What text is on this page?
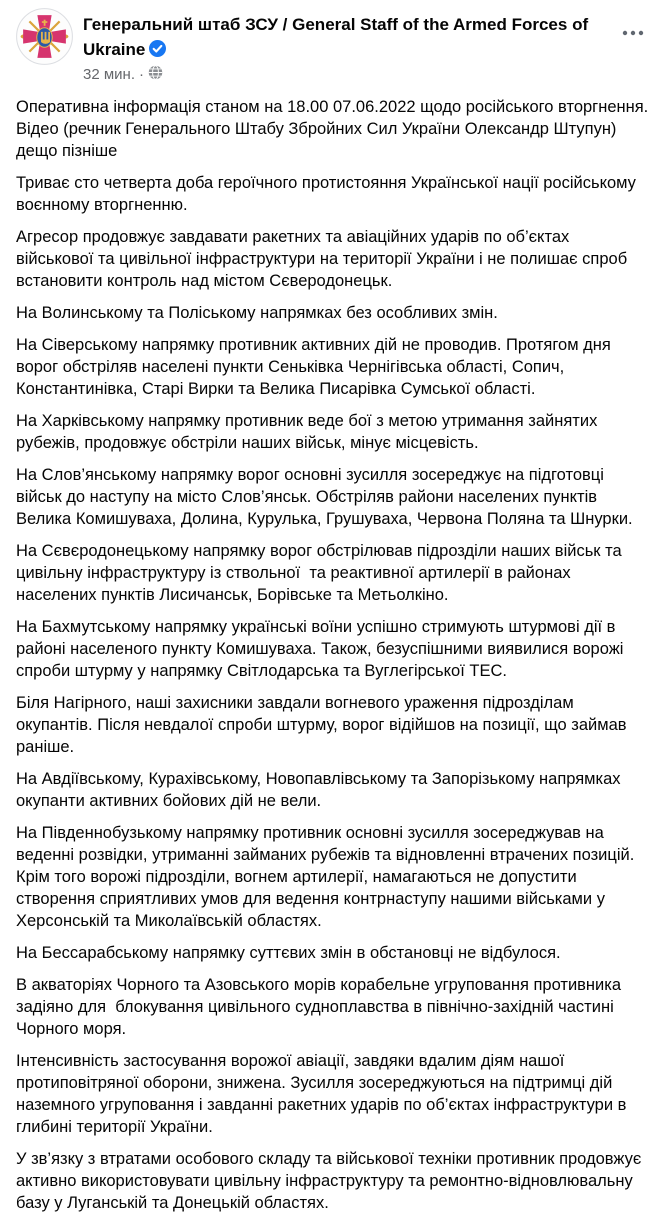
Генеральний штаб ЗСУ / General Staff of the Armed Forces of Ukraine
32 мин. ·

Оперативна інформація станом на 18.00 07.06.2022 щодо російського вторгнення.

Відео (речник Генерального Штабу Збройних Сил України Олександр Штупун) дещо пізніше

Триває сто четверта доба героїчного протистояння Української нації російському воєнному вторгненню.

Агресор продовжує завдавати ракетних та авіаційних ударів по об’єктах військової та цивільної інфраструктури на території України і не полишає спроб встановити контроль над містом Сєверодонецьк.

На Волинському та Поліському напрямках без особливих змін.

На Сіверському напрямку противник активних дій не проводив. Протягом дня ворог обстріляв населені пункти Сеньківка Чернігівська області, Сопич, Константинівка, Старі Вирки та Велика Писарівка Сумської області.

На Харківському напрямку противник веде бої з метою утримання зайнятих рубежів, продовжує обстріли наших військ, мінує місцевість.

На Слов’янському напрямку ворог основні зусилля зосереджує на підготовці військ до наступу на місто Слов’янськ. Обстріляв райони населених пунктів Велика Комишуваха, Долина, Курулька, Грушуваха, Червона Поляна та Шнурки.

На Сєвєродонецькому напрямку ворог обстрілював підрозділи наших військ та цивільну інфраструктуру із ствольної  та реактивної артилерії в районах населених пунктів Лисичанськ, Борівське та Метьолкіно.

На Бахмутському напрямку українські воїни успішно стримують штурмові дії в районі населеного пункту Комишуваха. Також, безуспішними виявилися ворожі спроби штурму у напрямку Світлодарська та Вуглегірської ТЕС.

Біля Нагірного, наші захисники завдали вогневого ураження підрозділам окупантів. Після невдалої спроби штурму, ворог відійшов на позиції, що займав раніше.

На Авдіївському, Курахівському, Новопавлівському та Запорізькому напрямках окупанти активних бойових дій не вели.

На Південнобузькому напрямку противник основні зусилля зосереджував на веденні розвідки, утриманні займаних рубежів та відновленні втрачених позицій. Крім того ворожі підрозділи, вогнем артилерії, намагаються не допустити створення сприятливих умов для ведення контрнаступу нашими військами у Херсонській та Миколаївській областях.

На Бессарабському напрямку суттєвих змін в обстановці не відбулося.

В акваторіях Чорного та Азовського морів корабельне угруповання противника задіяно для  блокування цивільного судноплавства в північно-західній частині Чорного моря.

Інтенсивність застосування ворожої авіації, завдяки вдалим діям нашої протиповітряної оборони, знижена. Зусилля зосереджуються на підтримці дій наземного угруповання і завданні ракетних ударів по об’єктах інфраструктури в глибині території України.

У зв’язку з втратами особового складу та військової техніки противник продовжує активно використовувати цивільну інфраструктуру та ремонтно-відновлювальну базу у Луганській та Донецькій областях.
